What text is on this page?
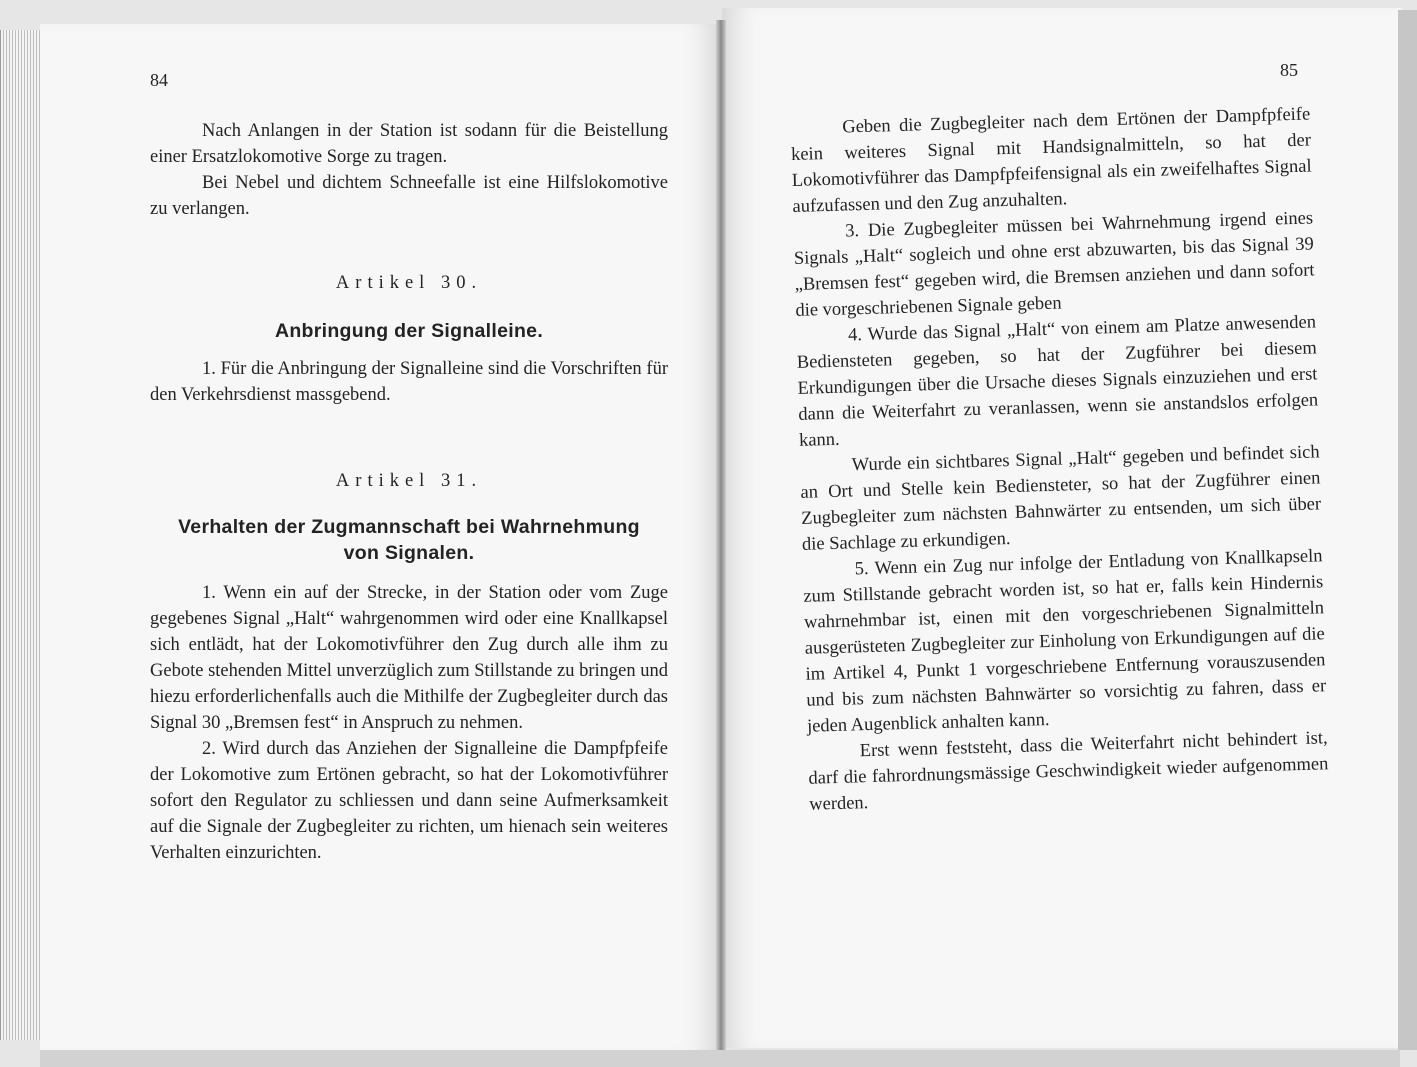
84

Nach Anlangen in der Station ist sodann für die Beistellung einer Ersatzlokomotive Sorge zu tragen.

Bei Nebel und dichtem Schneefalle ist eine Hilfslokomotive zu verlangen.

Artikel 30.

Anbringung der Signalleine.

1. Für die Anbringung der Signalleine sind die Vorschriften für den Verkehrsdienst massgebend.

Artikel 31.

Verhalten der Zugmannschaft bei Wahrnehmung

von Signalen.

1. Wenn ein auf der Strecke, in der Station oder vom Zuge gegebenes Signal „Halt“ wahrgenommen wird oder eine Knallkapsel sich entlädt, hat der Lokomotivführer den Zug durch alle ihm zu Gebote stehenden Mittel unverzüglich zum Stillstande zu bringen und hiezu erforderlichenfalls auch die Mithilfe der Zugbegleiter durch das Signal 30 „Bremsen fest“ in Anspruch zu nehmen.

2. Wird durch das Anziehen der Signalleine die Dampfpfeife der Lokomotive zum Ertönen gebracht, so hat der Lokomotivführer sofort den Regulator zu schliessen und dann seine Aufmerksamkeit auf die Signale der Zugbegleiter zu richten, um hienach sein weiteres Verhalten einzurichten.

85

Geben die Zugbegleiter nach dem Ertönen der Dampfpfeife kein weiteres Signal mit Handsignalmitteln, so hat der Lokomotivführer das Dampfpfeifensignal als ein zweifelhaftes Signal aufzufassen und den Zug anzuhalten.

3. Die Zugbegleiter müssen bei Wahrnehmung irgend eines Signals „Halt“ sogleich und ohne erst abzuwarten, bis das Signal 39 „Bremsen fest“ gegeben wird, die Bremsen anziehen und dann sofort die vorgeschriebenen Signale geben

4. Wurde das Signal „Halt“ von einem am Platze anwesenden Bediensteten gegeben, so hat der Zugführer bei diesem Erkundigungen über die Ursache dieses Signals einzuziehen und erst dann die Weiterfahrt zu veranlassen, wenn sie anstandslos erfolgen kann.

Wurde ein sichtbares Signal „Halt“ gegeben und befindet sich an Ort und Stelle kein Bediensteter, so hat der Zugführer einen Zugbegleiter zum nächsten Bahnwärter zu entsenden, um sich über die Sachlage zu erkundigen.

5. Wenn ein Zug nur infolge der Entladung von Knallkapseln zum Stillstande gebracht worden ist, so hat er, falls kein Hindernis wahrnehmbar ist, einen mit den vorgeschriebenen Signalmitteln ausgerüsteten Zugbegleiter zur Einholung von Erkundigungen auf die im Artikel 4, Punkt 1 vorgeschriebene Entfernung vorauszusenden und bis zum nächsten Bahnwärter so vorsichtig zu fahren, dass er jeden Augenblick anhalten kann.

Erst wenn feststeht, dass die Weiterfahrt nicht behindert ist, darf die fahrordnungsmässige Geschwindigkeit wieder aufgenommen werden.
